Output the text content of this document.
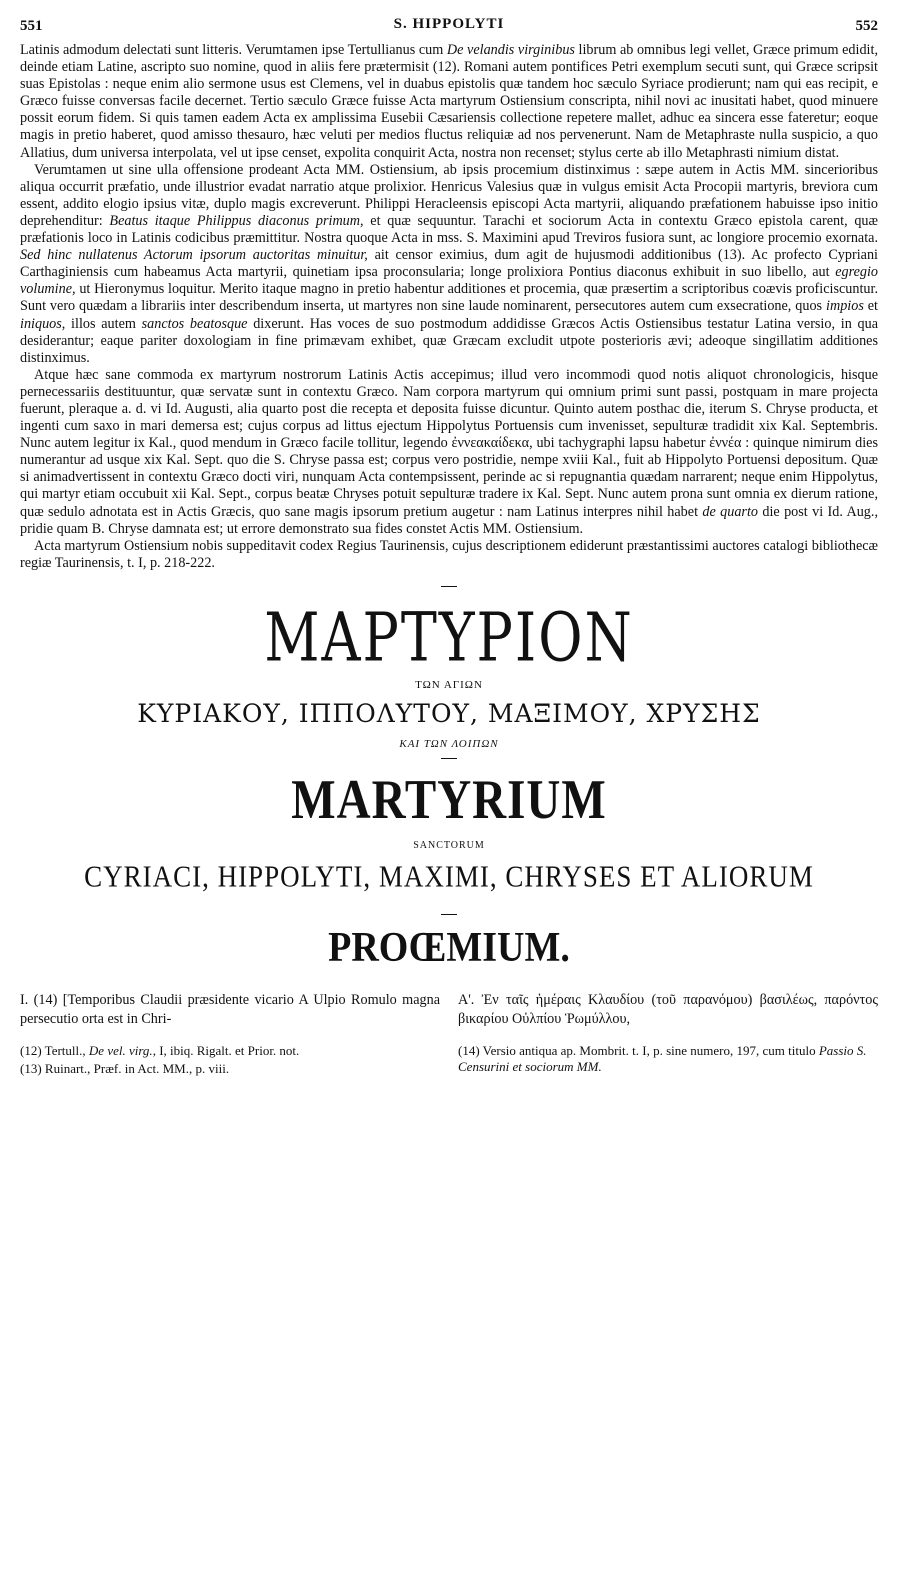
551	S. HIPPOLYTI	552

Latinis admodum delectati sunt litteris. Verumtamen ipse Tertullianus cum De velandis virginibus librum ab omnibus legi vellet, Græce primum edidit, deinde etiam Latine, ascripto suo nomine, quod in aliis fere prætermisit (12). Romani autem pontifices Petri exemplum secuti sunt, qui Græce scripsit suas Epistolas : neque enim alio sermone usus est Clemens, vel in duabus epistolis quæ tandem hoc sæculo Syriace prodierunt; nam qui eas recipit, e Græco fuisse conversas facile decernet. Tertio sæculo Græce fuisse Acta martyrum Ostiensium conscripta, nihil novi ac inusitati habet, quod minuere possit eorum fidem. Si quis tamen eadem Acta ex amplissima Eusebii Cæsariensis collectione repetere mallet, adhuc ea sincera esse fateretur; eoque magis in pretio haberet, quod amisso thesauro, hæc veluti per medios fluctus reliquiæ ad nos pervenerunt. Nam de Metaphraste nulla suspicio, a quo Allatius, dum universa interpolata, vel ut ipse censet, expolita conquirit Acta, nostra non recenset; stylus certe ab illo Metaphrasti nimium distat.

Verumtamen ut sine ulla offensione prodeant Acta MM. Ostiensium, ab ipsis procemium distinximus : sæpe autem in Actis MM. sincerioribus aliqua occurrit præfatio, unde illustrior evadat narratio atque prolixior. Henricus Valesius quæ in vulgus emisit Acta Procopii martyris, breviora cum essent, addito elogio ipsius vitæ, duplo magis excreverunt. Philippi Heracleensis episcopi Acta martyrii, aliquando præfationem habuisse ipso initio deprehenditur: Beatus itaque Philippus diaconus primum, et quæ sequuntur. Tarachi et sociorum Acta in contextu Græco epistola carent, quæ præfationis loco in Latinis codicibus præmittitur. Nostra quoque Acta in mss. S. Maximini apud Treviros fusiora sunt, ac longiore procemio exornata. Sed hinc nullatenus Actorum ipsorum auctoritas minuitur, ait censor eximius, dum agit de hujusmodi additionibus (13). Ac profecto Cypriani Carthaginiensis cum habeamus Acta martyrii, quinetiam ipsa proconsularia; longe prolixiora Pontius diaconus exhibuit in suo libello, aut egregio volumine, ut Hieronymus loquitur. Merito itaque magno in pretio habentur additiones et procemia, quæ præsertim a scriptoribus coævis proficiscuntur. Sunt vero quædam a librariis inter describendum inserta, ut martyres non sine laude nominarent, persecutores autem cum exsecratione, quos impios et iniquos, illos autem sanctos beatosque dixerunt. Has voces de suo postmodum addidisse Græcos Actis Ostiensibus testatur Latina versio, in qua desiderantur; eaque pariter doxologiam in fine primævam exhibet, quæ Græcam excludit utpote posterioris ævi; adeoque singillatim additiones distinximus.

Atque hæc sane commoda ex martyrum nostrorum Latinis Actis accepimus; illud vero incommodi quod notis aliquot chronologicis, hisque pernecessariis destituuntur, quæ servatæ sunt in contextu Græco. Nam corpora martyrum qui omnium primi sunt passi, postquam in mare projecta fuerunt, pleraque a. d. vi Id. Augusti, alia quarto post die recepta et deposita fuisse dicuntur. Quinto autem posthac die, iterum S. Chryse producta, et ingenti cum saxo in mari demersa est; cujus corpus ad littus ejectum Hippolytus Portuensis cum invenisset, sepulturæ tradidit xix Kal. Septembris. Nunc autem legitur ix Kal., quod mendum in Græco facile tollitur, legendo ἐννεακαίδεκα, ubi tachygraphi lapsu habetur ἐννέα : quinque nimirum dies numerantur ad usque xix Kal. Sept. quo die S. Chryse passa est; corpus vero postridie, nempe xviii Kal., fuit ab Hippolyto Portuensi depositum. Quæ si animadvertissent in contextu Græco docti viri, nunquam Acta contempsissent, perinde ac si repugnantia quædam narrarent; neque enim Hippolytus, qui martyr etiam occubuit xii Kal. Sept., corpus beatæ Chryses potuit sepulturæ tradere ix Kal. Sept. Nunc autem prona sunt omnia ex dierum ratione, quæ sedulo adnotata est in Actis Græcis, quo sane magis ipsorum pretium augetur : nam Latinus interpres nihil habet de quarto die post vi Id. Aug., pridie quam B. Chryse damnata est; ut errore demonstrato sua fides constet Actis MM. Ostiensium.

Acta martyrum Ostiensium nobis suppeditavit codex Regius Taurinensis, cujus descriptionem ediderunt præstantissimi auctores catalogi bibliothecæ regiæ Taurinensis, t. I, p. 218-222.

ΜΑΡΤΥΡΙΟΝ
ΤΩΝ ΑΓΙΩΝ
ΚΥΡΙΑΚΟΥ, ΙΠΠΟΛΥΤΟΥ, ΜΑΞΙΜΟΥ, ΧΡΥΣΗΣ
ΚΑΙ ΤΩΝ ΛΟΙΠΩΝ
MARTYRIUM
SANCTORUM
CYRIACI, HIPPOLYTI, MAXIMI, CHRYSES ET ALIORUM
PROŒMIUM.
I. (14) [Temporibus Claudii præsidente vicario A Ulpio Romulo magna persecutio orta est in Chri-
A'. Ἐν ταῖς ἡμέραις Κλαυδίου (τοῦ παρανόμου) βασιλέως, παρόντος βικαρίου Οὐλπίου Ῥωμύλλου,

(12) Tertull., De vel. virg., I, ibiq. Rigalt. et Prior. not.

(13) Ruinart., Præf. in Act. MM., p. viii.

(14) Versio antiqua ap. Mombrit. t. I, p. sine numero, 197, cum titulo Passio S. Censurini et sociorum MM.
